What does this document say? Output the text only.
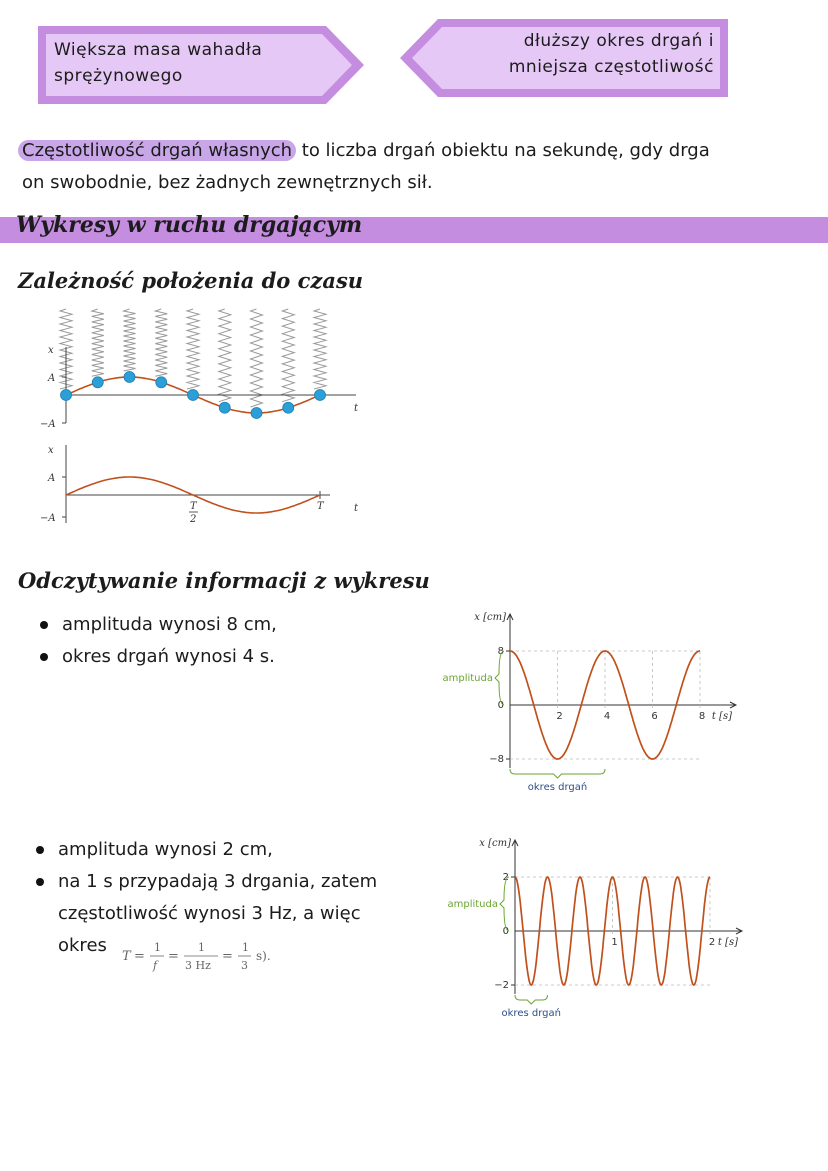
Większa masa wahadła
sprężynowego
dłuższy okres drgań i
mniejsza częstotliwość
Częstotliwość drgań własnych to liczba drgań obiektu na sekundę, gdy drga
on swobodnie, bez żadnych zewnętrznych sił.
Wykresy w ruchu drgającym
Zależność położenia do czasu
x
A
−A
t
x
A
−A
t
T
2
T
Odczytywanie informacji z wykresu
amplituda wynosi 8 cm,
okres drgań wynosi 4 s.	8
0
−8
2	4	6	8
x [cm]
t [s]
amplituda
okres drgań
amplituda wynosi 2 cm,
na 1 s przypadają 3 drgania, zatem
częstotliwość wynosi 3 Hz, a więc
okres
T =
1
f
=
1
3 Hz
=
1
3
s).
2
0
−2
1	2
x [cm]
t [s]
amplituda
okres drgań
